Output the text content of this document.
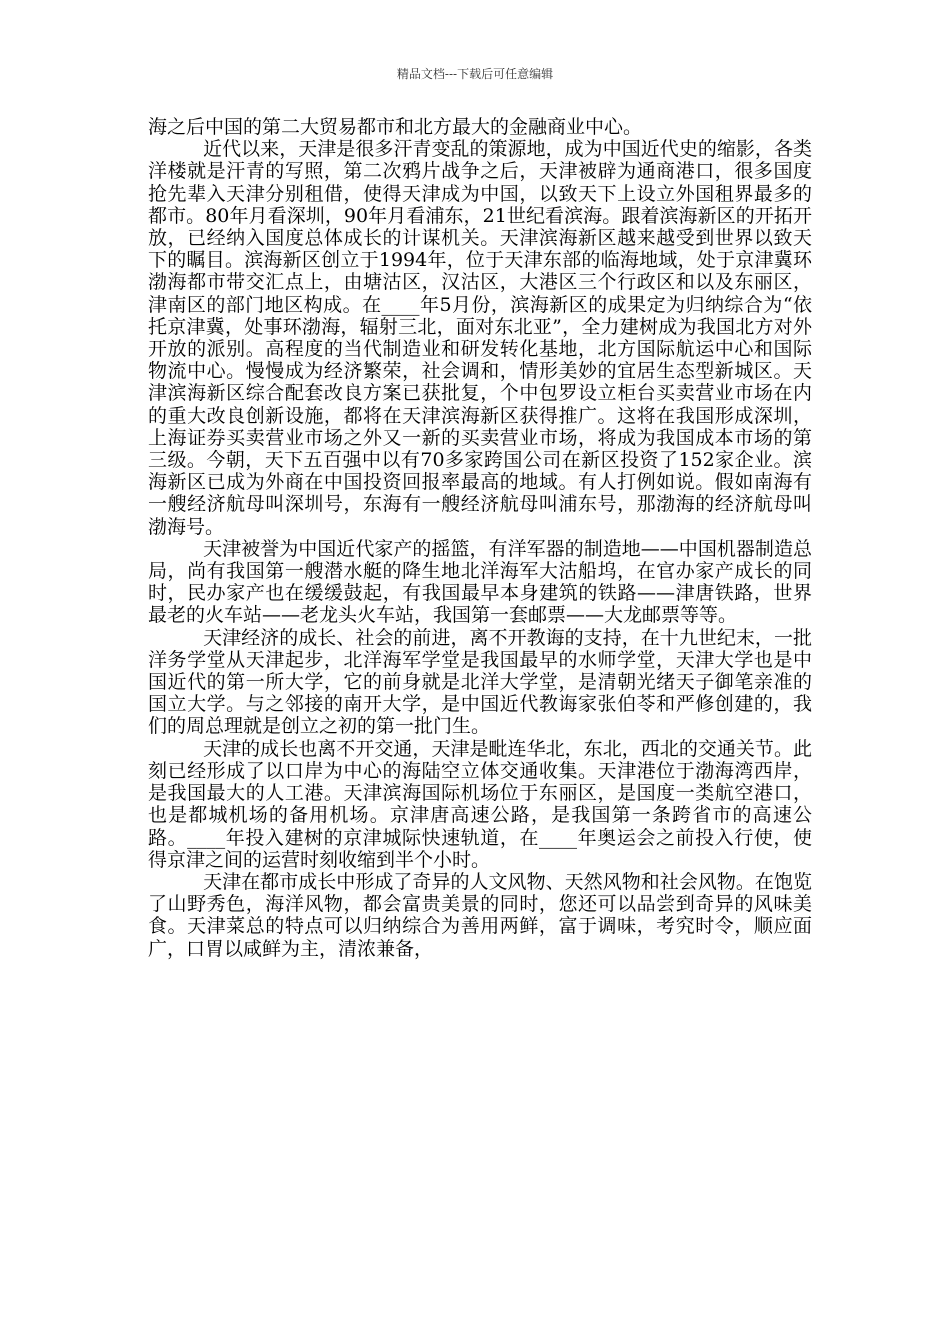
精品文档---下载后可任意编辑

海之后中国的第二大贸易都市和北方最大的金融商业中心。

近代以来，天津是很多汗青变乱的策源地，成为中国近代史的缩影，各类洋楼就是汗青的写照，第二次鸦片战争之后，天津被辟为通商港口，很多国度抢先辈入天津分别租借，使得天津成为中国，以致天下上设立外国租界最多的都市。80年月看深圳，90年月看浦东，21世纪看滨海。跟着滨海新区的开拓开放，已经纳入国度总体成长的计谋机关。天津滨海新区越来越受到世界以致天下的瞩目。滨海新区创立于1994年，位于天津东部的临海地域，处于京津冀环渤海都市带交汇点上，由塘沽区，汉沽区，大港区三个行政区和以及东丽区，津南区的部门地区构成。在____年5月份，滨海新区的成果定为归纳综合为“依托京津冀，处事环渤海，辐射三北，面对东北亚”，全力建树成为我国北方对外开放的派别。高程度的当代制造业和研发转化基地，北方国际航运中心和国际物流中心。慢慢成为经济繁荣，社会调和，情形美妙的宜居生态型新城区。天津滨海新区综合配套改良方案已获批复，个中包罗设立柜台买卖营业市场在内的重大改良创新设施，都将在天津滨海新区获得推广。这将在我国形成深圳，上海证券买卖营业市场之外又一新的买卖营业市场，将成为我国成本市场的第三级。今朝，天下五百强中以有70多家跨国公司在新区投资了152家企业。滨海新区已成为外商在中国投资回报率最高的地域。有人打例如说。假如南海有一艘经济航母叫深圳号，东海有一艘经济航母叫浦东号，那渤海的经济航母叫渤海号。

天津被誉为中国近代家产的摇篮，有洋军器的制造地——中国机器制造总局，尚有我国第一艘潜水艇的降生地北洋海军大沽船坞，在官办家产成长的同时，民办家产也在缓缓鼓起，有我国最早本身建筑的铁路——津唐铁路，世界最老的火车站——老龙头火车站，我国第一套邮票——大龙邮票等等。

天津经济的成长、社会的前进，离不开教诲的支持，在十九世纪末，一批洋务学堂从天津起步，北洋海军学堂是我国最早的水师学堂，天津大学也是中国近代的第一所大学，它的前身就是北洋大学堂，是清朝光绪天子御笔亲准的国立大学。与之邻接的南开大学，是中国近代教诲家张伯苓和严修创建的，我们的周总理就是创立之初的第一批门生。

天津的成长也离不开交通，天津是毗连华北，东北，西北的交通关节。此刻已经形成了以口岸为中心的海陆空立体交通收集。天津港位于渤海湾西岸，是我国最大的人工港。天津滨海国际机场位于东丽区，是国度一类航空港口，也是都城机场的备用机场。京津唐高速公路，是我国第一条跨省市的高速公路。____年投入建树的京津城际快速轨道，在____年奥运会之前投入行使，使得京津之间的运营时刻收缩到半个小时。

天津在都市成长中形成了奇异的人文风物、天然风物和社会风物。在饱览了山野秀色，海洋风物，都会富贵美景的同时，您还可以品尝到奇异的风味美食。天津菜总的特点可以归纳综合为善用两鲜，富于调味，考究时令，顺应面广，口胃以咸鲜为主，清浓兼备，
